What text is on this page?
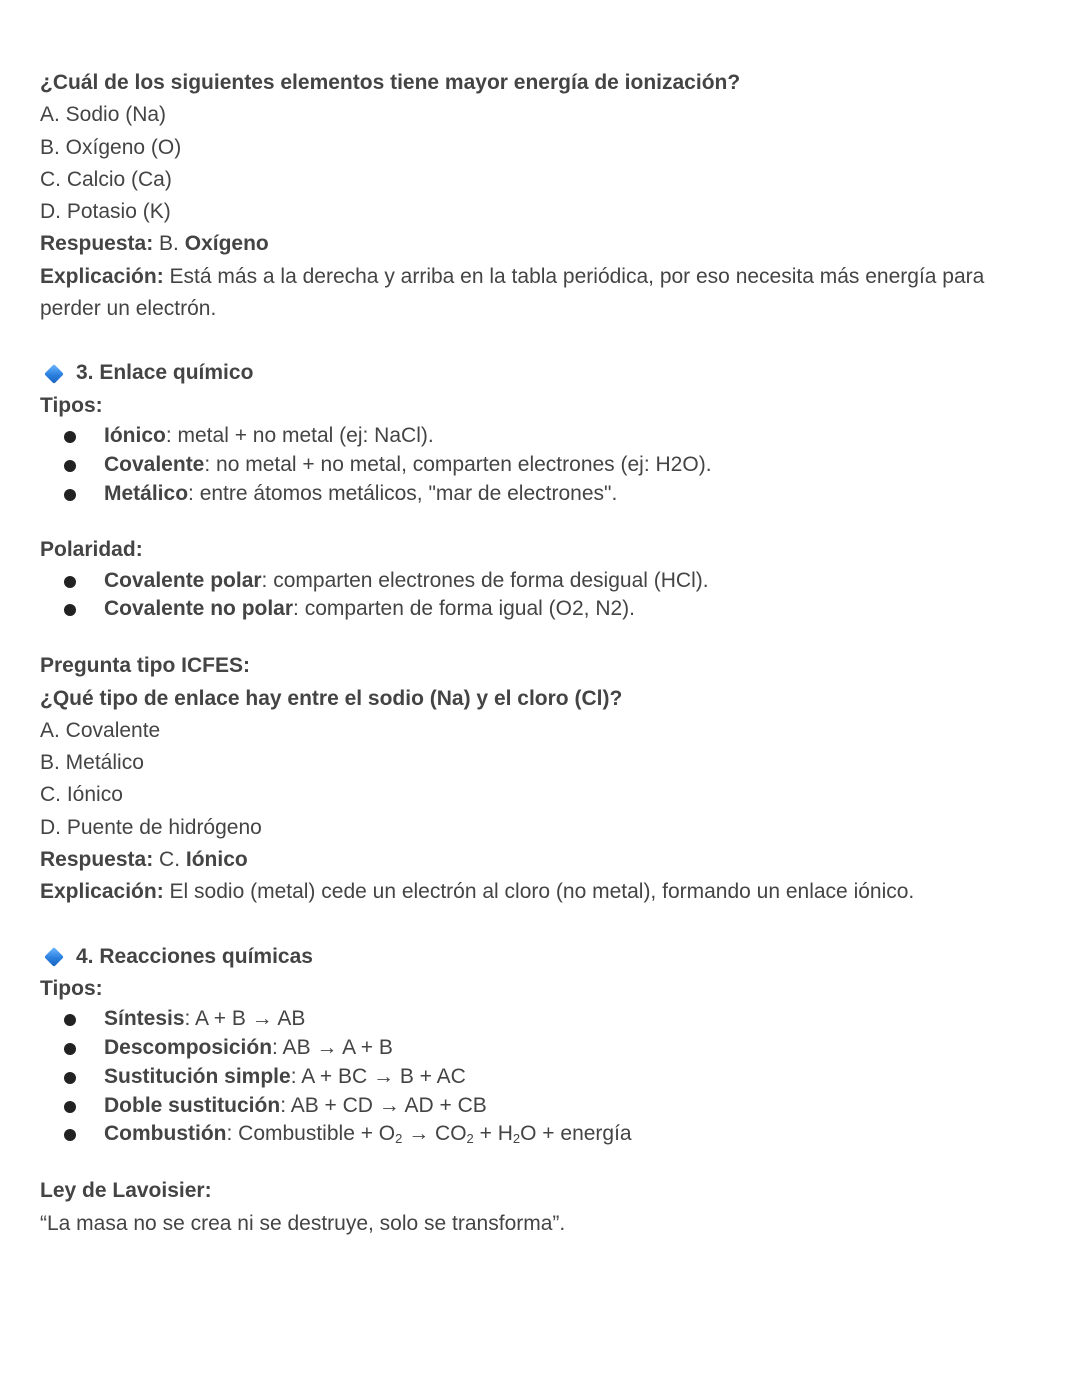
¿Cuál de los siguientes elementos tiene mayor energía de ionización?
A. Sodio (Na)
B. Oxígeno (O)
C. Calcio (Ca)
D. Potasio (K)
Respuesta: B. Oxígeno
Explicación: Está más a la derecha y arriba en la tabla periódica, por eso necesita más energía para perder un electrón.
3. Enlace químico
Tipos:
Iónico: metal + no metal (ej: NaCl).
Covalente: no metal + no metal, comparten electrones (ej: H2O).
Metálico: entre átomos metálicos, "mar de electrones".
Polaridad:
Covalente polar: comparten electrones de forma desigual (HCl).
Covalente no polar: comparten de forma igual (O2, N2).
Pregunta tipo ICFES:
¿Qué tipo de enlace hay entre el sodio (Na) y el cloro (Cl)?
A. Covalente
B. Metálico
C. Iónico
D. Puente de hidrógeno
Respuesta: C. Iónico
Explicación: El sodio (metal) cede un electrón al cloro (no metal), formando un enlace iónico.
4. Reacciones químicas
Tipos:
Síntesis: A + B → AB
Descomposición: AB → A + B
Sustitución simple: A + BC → B + AC
Doble sustitución: AB + CD → AD + CB
Combustión: Combustible + $O_2 \to CO_2 + H_2O$ + energía
Ley de Lavoisier:
“La masa no se crea ni se destruye, solo se transforma”.
